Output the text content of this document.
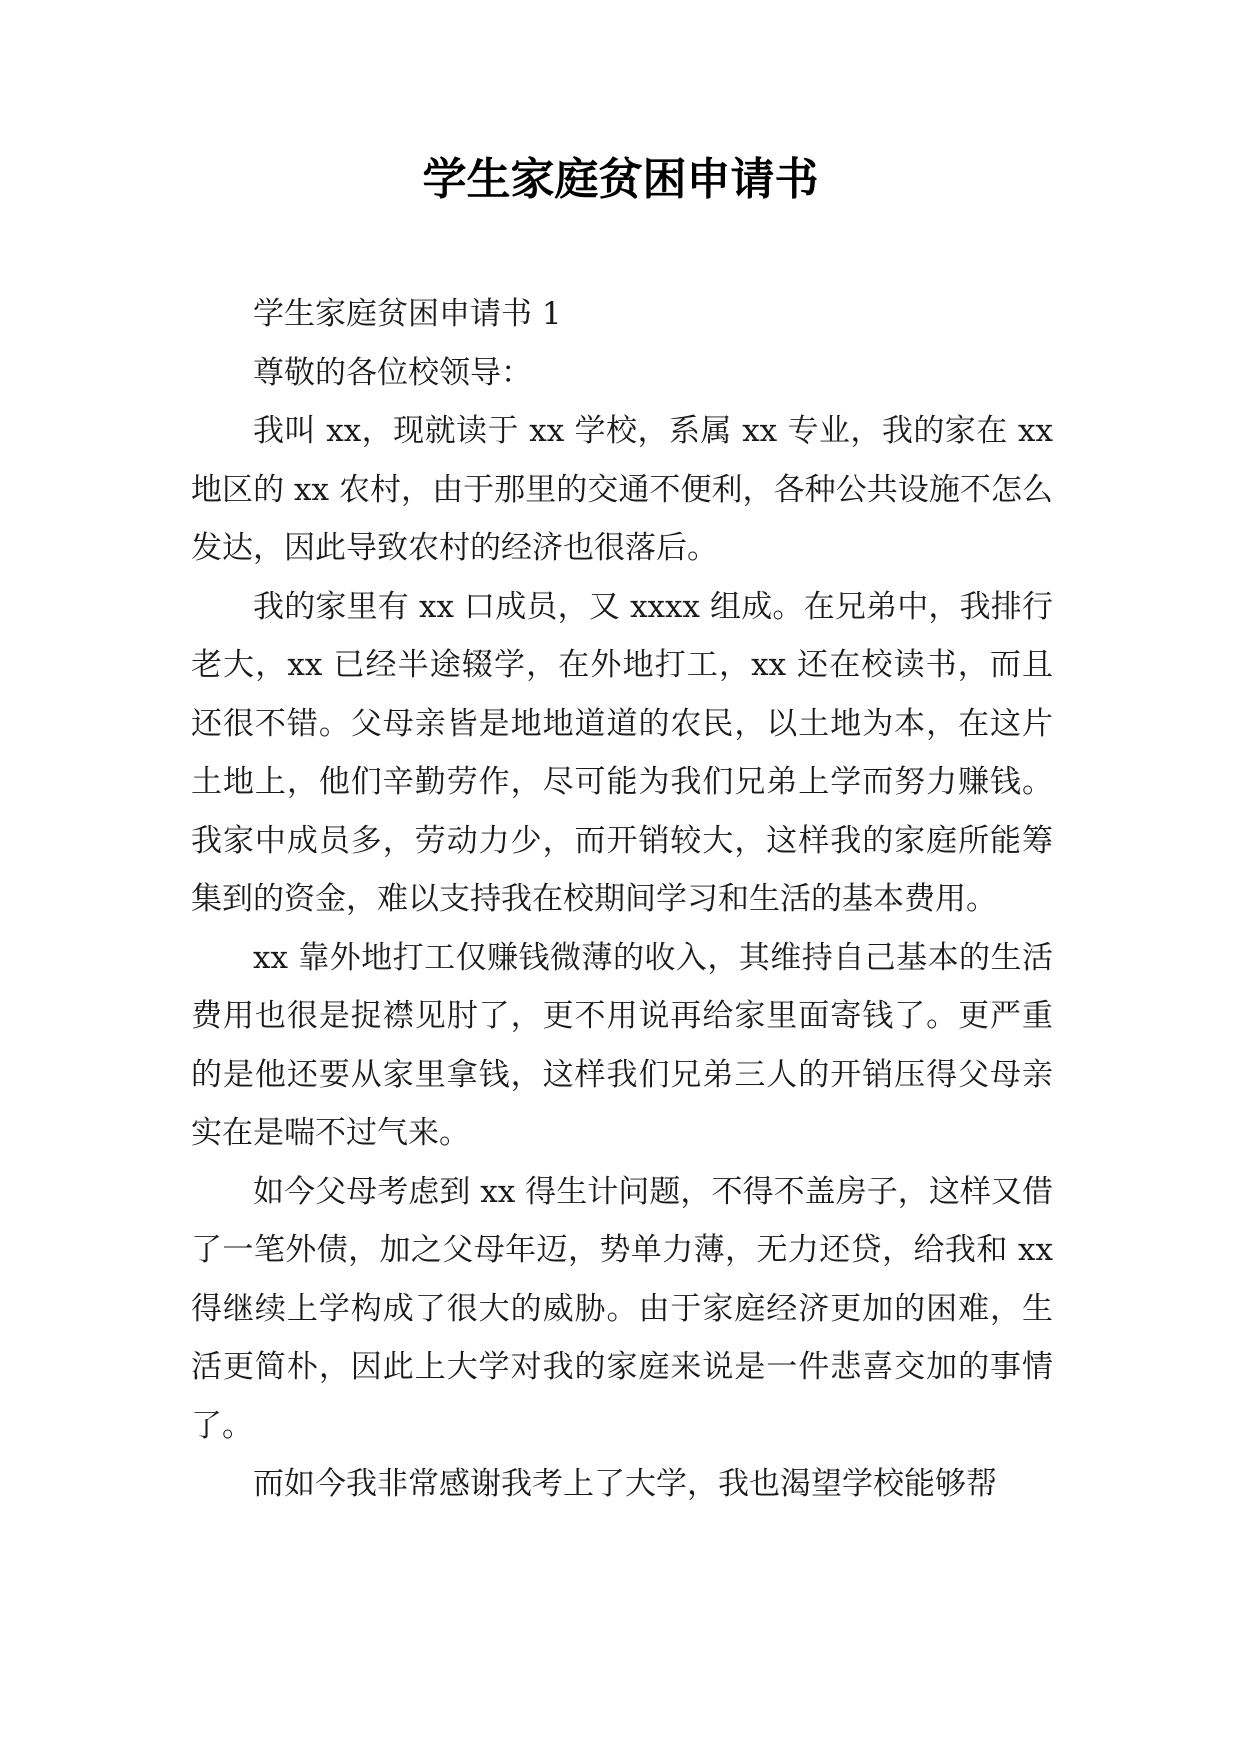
学生家庭贫困申请书

学生家庭贫困申请书 1

尊敬的各位校领导：

我叫 xx，现就读于 xx 学校，系属 xx 专业，我的家在 xx 地区的 xx 农村，由于那里的交通不便利，各种公共设施不怎么发达，因此导致农村的经济也很落后。

我的家里有 xx 口成员，又 xxxx 组成。在兄弟中，我排行老大，xx 已经半途辍学，在外地打工，xx 还在校读书，而且还很不错。父母亲皆是地地道道的农民，以土地为本，在这片土地上，他们辛勤劳作，尽可能为我们兄弟上学而努力赚钱。我家中成员多，劳动力少，而开销较大，这样我的家庭所能筹集到的资金，难以支持我在校期间学习和生活的基本费用。

xx 靠外地打工仅赚钱微薄的收入，其维持自己基本的生活费用也很是捉襟见肘了，更不用说再给家里面寄钱了。更严重的是他还要从家里拿钱，这样我们兄弟三人的开销压得父母亲实在是喘不过气来。

如今父母考虑到 xx 得生计问题，不得不盖房子，这样又借了一笔外债，加之父母年迈，势单力薄，无力还贷，给我和 xx 得继续上学构成了很大的威胁。由于家庭经济更加的困难，生活更简朴，因此上大学对我的家庭来说是一件悲喜交加的事情了。

而如今我非常感谢我考上了大学，我也渴望学校能够帮
